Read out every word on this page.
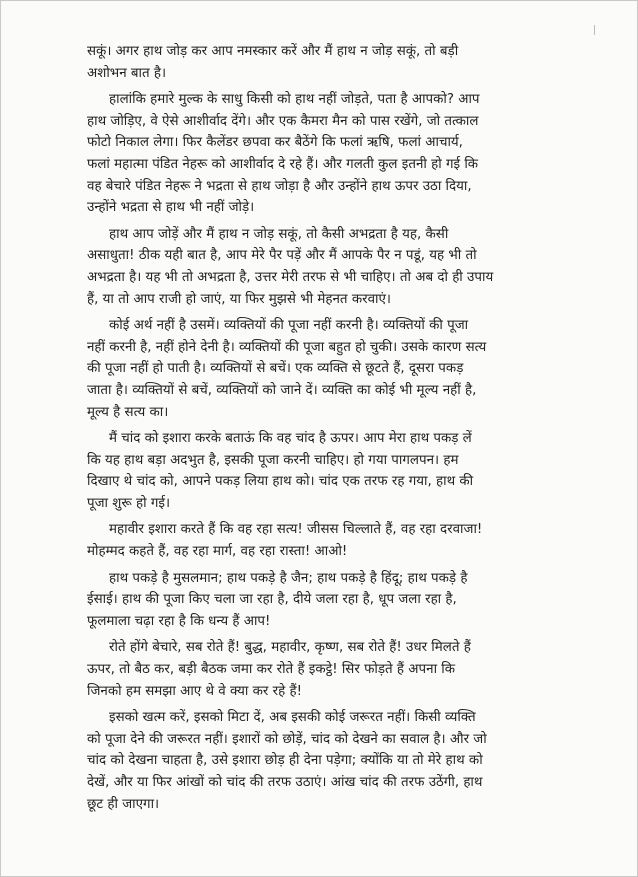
सकूं। अगर हाथ जोड़ कर आप नमस्कार करें और मैं हाथ न जोड़ सकूं, तो बड़ी
अशोभन बात है।
हालांकि हमारे मुल्क के साधु किसी को हाथ नहीं जोड़ते, पता है आपको? आप
हाथ जोड़िए, वे ऐसे आशीर्वाद देंगे। और एक कैमरा मैन को पास रखेंगे, जो तत्काल
फोटो निकाल लेगा। फिर कैलेंडर छपवा कर बैठेंगे कि फलां ऋषि, फलां आचार्य,
फलां महात्मा पंडित नेहरू को आशीर्वाद दे रहे हैं। और गलती कुल इतनी हो गई कि
वह बेचारे पंडित नेहरू ने भद्रता से हाथ जोड़ा है और उन्होंने हाथ ऊपर उठा दिया,
उन्होंने भद्रता से हाथ भी नहीं जोड़े।
हाथ आप जोड़ें और मैं हाथ न जोड़ सकूं, तो कैसी अभद्रता है यह, कैसी
असाधुता! ठीक यही बात है, आप मेरे पैर पड़ें और मैं आपके पैर न पडूं, यह भी तो
अभद्रता है। यह भी तो अभद्रता है, उत्तर मेरी तरफ से भी चाहिए। तो अब दो ही उपाय
हैं, या तो आप राजी हो जाएं, या फिर मुझसे भी मेहनत करवाएं।
कोई अर्थ नहीं है उसमें। व्यक्तियों की पूजा नहीं करनी है। व्यक्तियों की पूजा
नहीं करनी है, नहीं होने देनी है। व्यक्तियों की पूजा बहुत हो चुकी। उसके कारण सत्य
की पूजा नहीं हो पाती है। व्यक्तियों से बचें। एक व्यक्ति से छूटते हैं, दूसरा पकड़
जाता है। व्यक्तियों से बचें, व्यक्तियों को जाने दें। व्यक्ति का कोई भी मूल्य नहीं है,
मूल्य है सत्य का।
मैं चांद को इशारा करके बताऊं कि वह चांद है ऊपर। आप मेरा हाथ पकड़ लें
कि यह हाथ बड़ा अदभुत है, इसकी पूजा करनी चाहिए। हो गया पागलपन। हम
दिखाए थे चांद को, आपने पकड़ लिया हाथ को। चांद एक तरफ रह गया, हाथ की
पूजा शुरू हो गई।
महावीर इशारा करते हैं कि वह रहा सत्य! जीसस चिल्लाते हैं, वह रहा दरवाजा!
मोहम्मद कहते हैं, वह रहा मार्ग, वह रहा रास्ता! आओ!
हाथ पकड़े है मुसलमान; हाथ पकड़े है जैन; हाथ पकड़े है हिंदू; हाथ पकड़े है
ईसाई। हाथ की पूजा किए चला जा रहा है, दीये जला रहा है, धूप जला रहा है,
फूलमाला चढ़ा रहा है कि धन्य हैं आप!
रोते होंगे बेचारे, सब रोते हैं! बुद्ध, महावीर, कृष्ण, सब रोते हैं! उधर मिलते हैं
ऊपर, तो बैठ कर, बड़ी बैठक जमा कर रोते हैं इकट्ठे! सिर फोड़ते हैं अपना कि
जिनको हम समझा आए थे वे क्या कर रहे हैं!
इसको खत्म करें, इसको मिटा दें, अब इसकी कोई जरूरत नहीं। किसी व्यक्ति
को पूजा देने की जरूरत नहीं। इशारों को छोड़ें, चांद को देखने का सवाल है। और जो
चांद को देखना चाहता है, उसे इशारा छोड़ ही देना पड़ेगा; क्योंकि या तो मेरे हाथ को
देखें, और या फिर आंखों को चांद की तरफ उठाएं। आंख चांद की तरफ उठेंगी, हाथ
छूट ही जाएगा।
